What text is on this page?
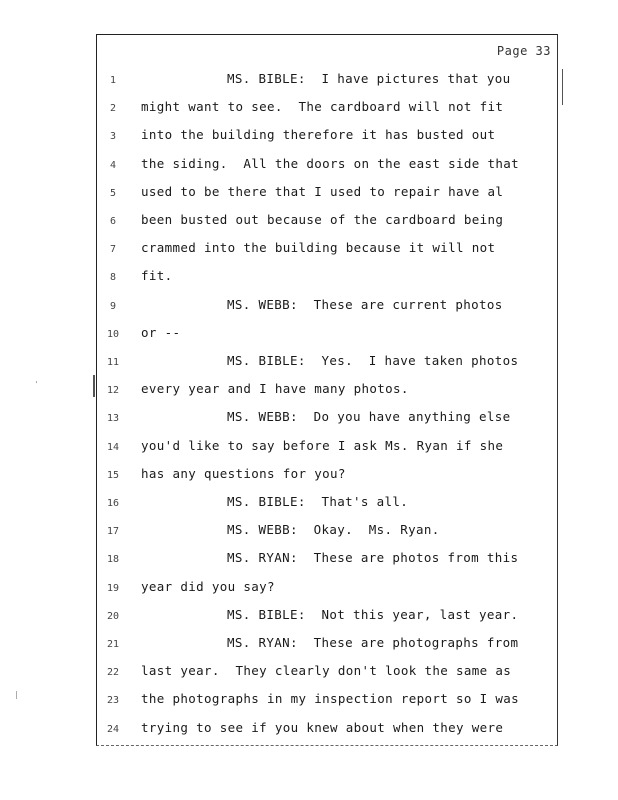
Page 33
1	MS. BIBLE:  I have pictures that you
2	might want to see.  The cardboard will not fit
3	into the building therefore it has busted out
4	the siding.  All the doors on the east side that
5	used to be there that I used to repair have al
6	been busted out because of the cardboard being
7	crammed into the building because it will not
8	fit.
9	MS. WEBB:  These are current photos
10	or --
11	MS. BIBLE:  Yes.  I have taken photos
12	every year and I have many photos.
13	MS. WEBB:  Do you have anything else
14	you'd like to say before I ask Ms. Ryan if she
15	has any questions for you?
16	MS. BIBLE:  That's all.
17	MS. WEBB:  Okay.  Ms. Ryan.
18	MS. RYAN:  These are photos from this
19	year did you say?
20	MS. BIBLE:  Not this year, last year.
21	MS. RYAN:  These are photographs from
22	last year.  They clearly don't look the same as
23	the photographs in my inspection report so I was
24	trying to see if you knew about when they were
'
|
